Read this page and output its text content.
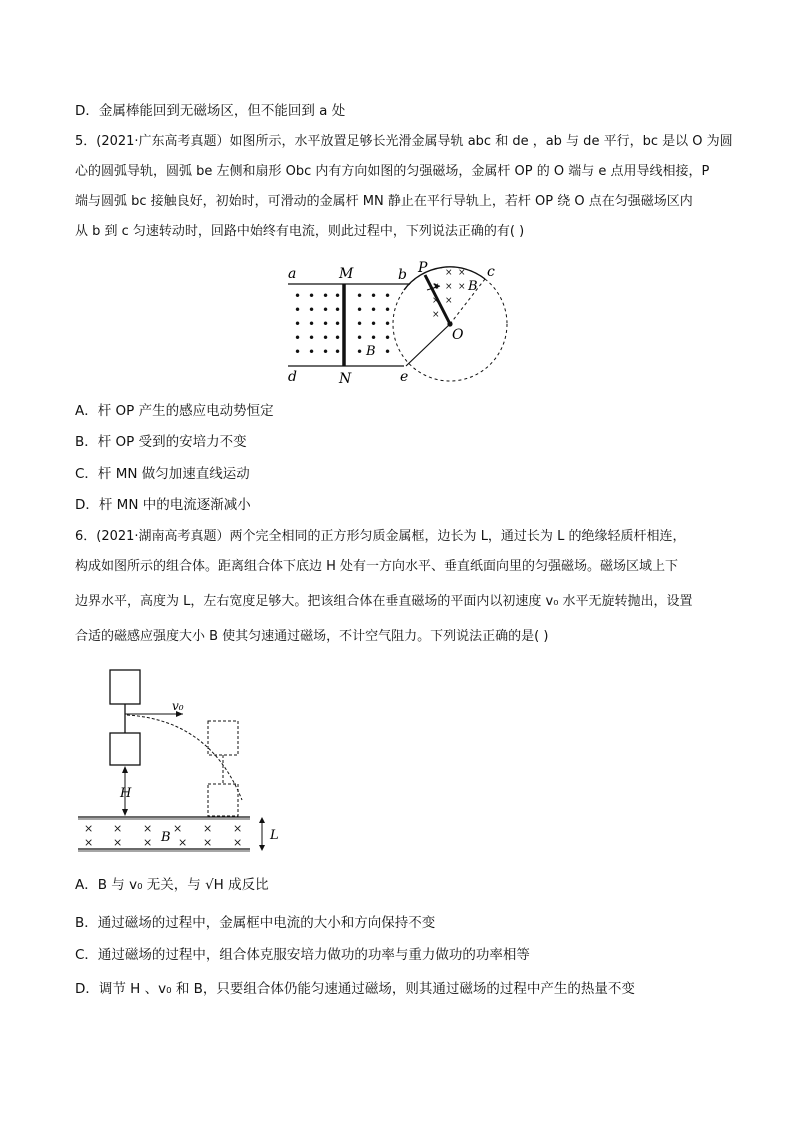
D．金属棒能回到无磁场区，但不能回到 a 处
5．(2021·广东高考真题）如图所示，水平放置足够长光滑金属导轨 abc 和 de ，ab 与 de 平行，bc 是以 O 为圆
心的圆弧导轨，圆弧 be 左侧和扇形 Obc 内有方向如图的匀强磁场，金属杆 OP 的 O 端与 e 点用导线相接，P
端与圆弧 bc 接触良好，初始时，可滑动的金属杆 MN 静止在平行导轨上，若杆 OP 绕 O 点在匀强磁场区内
从 b 到 c 匀速转动时，回路中始终有电流，则此过程中，下列说法正确的有( )
× ×
× × ×
× ×
×
• • • • • • •
• • • • • • •
• • • • • • •
• • • • • • •
• • • • • •
a	M	b P	c
B
O
B
d	N	e
A．杆 OP 产生的感应电动势恒定
B．杆 OP 受到的安培力不变
C．杆 MN 做匀加速直线运动
D．杆 MN 中的电流逐渐减小
6．(2021·湖南高考真题）两个完全相同的正方形匀质金属框，边长为 L，通过长为 L 的绝缘轻质杆相连，
构成如图所示的组合体。距离组合体下底边 H 处有一方向水平、垂直纸面向里的匀强磁场。磁场区域上下
边界水平，高度为 L，左右宽度足够大。把该组合体在垂直磁场的平面内以初速度 v₀ 水平无旋转抛出，设置
合适的磁感应强度大小 B 使其匀速通过磁场，不计空气阻力。下列说法正确的是( )
v₀
H
×
×
×
×
× × ×
×
×
×
× ×
B	L
A．B 与 v₀ 无关，与 √H 成反比
B．通过磁场的过程中，金属框中电流的大小和方向保持不变
C．通过磁场的过程中，组合体克服安培力做功的功率与重力做功的功率相等
D．调节 H 、v₀ 和 B，只要组合体仍能匀速通过磁场，则其通过磁场的过程中产生的热量不变
